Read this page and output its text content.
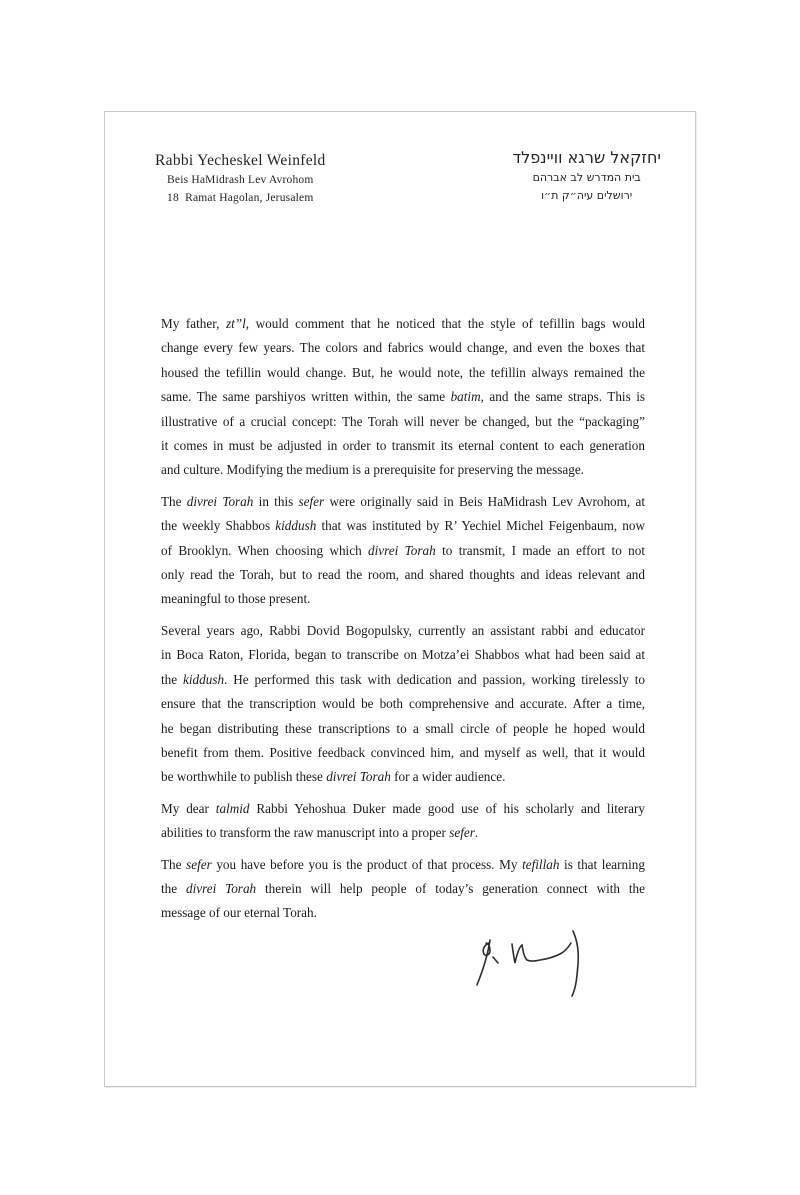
Rabbi Yecheskel Weinfeld
Beis HaMidrash Lev Avrohom
18  Ramat Hagolan, Jerusalem
יחזקאל שרגא וויינפלד
בית המדרש לב אברהם
ירושלים עיה״ק ת״ו
My father, zt”l, would comment that he noticed that the style of tefillin bags would
change every few years. The colors and fabrics would change, and even the boxes that
housed the tefillin would change. But, he would note, the tefillin always remained the
same. The same parshiyos written within, the same batim, and the same straps. This is
illustrative of a crucial concept: The Torah will never be changed, but the “packaging”
it comes in must be adjusted in order to transmit its eternal content to each generation
and culture. Modifying the medium is a prerequisite for preserving the message.
The divrei Torah in this sefer were originally said in Beis HaMidrash Lev Avrohom, at
the weekly Shabbos kiddush that was instituted by R’ Yechiel Michel Feigenbaum, now
of Brooklyn. When choosing which divrei Torah to transmit, I made an effort to not
only read the Torah, but to read the room, and shared thoughts and ideas relevant and
meaningful to those present.
Several years ago, Rabbi Dovid Bogopulsky, currently an assistant rabbi and educator
in Boca Raton, Florida, began to transcribe on Motza’ei Shabbos what had been said at
the kiddush. He performed this task with dedication and passion, working tirelessly to
ensure that the transcription would be both comprehensive and accurate. After a time,
he began distributing these transcriptions to a small circle of people he hoped would
benefit from them. Positive feedback convinced him, and myself as well, that it would
be worthwhile to publish these divrei Torah for a wider audience.
My dear talmid Rabbi Yehoshua Duker made good use of his scholarly and literary
abilities to transform the raw manuscript into a proper sefer.
The sefer you have before you is the product of that process. My tefillah is that learning
the divrei Torah therein will help people of today’s generation connect with the
message of our eternal Torah.
